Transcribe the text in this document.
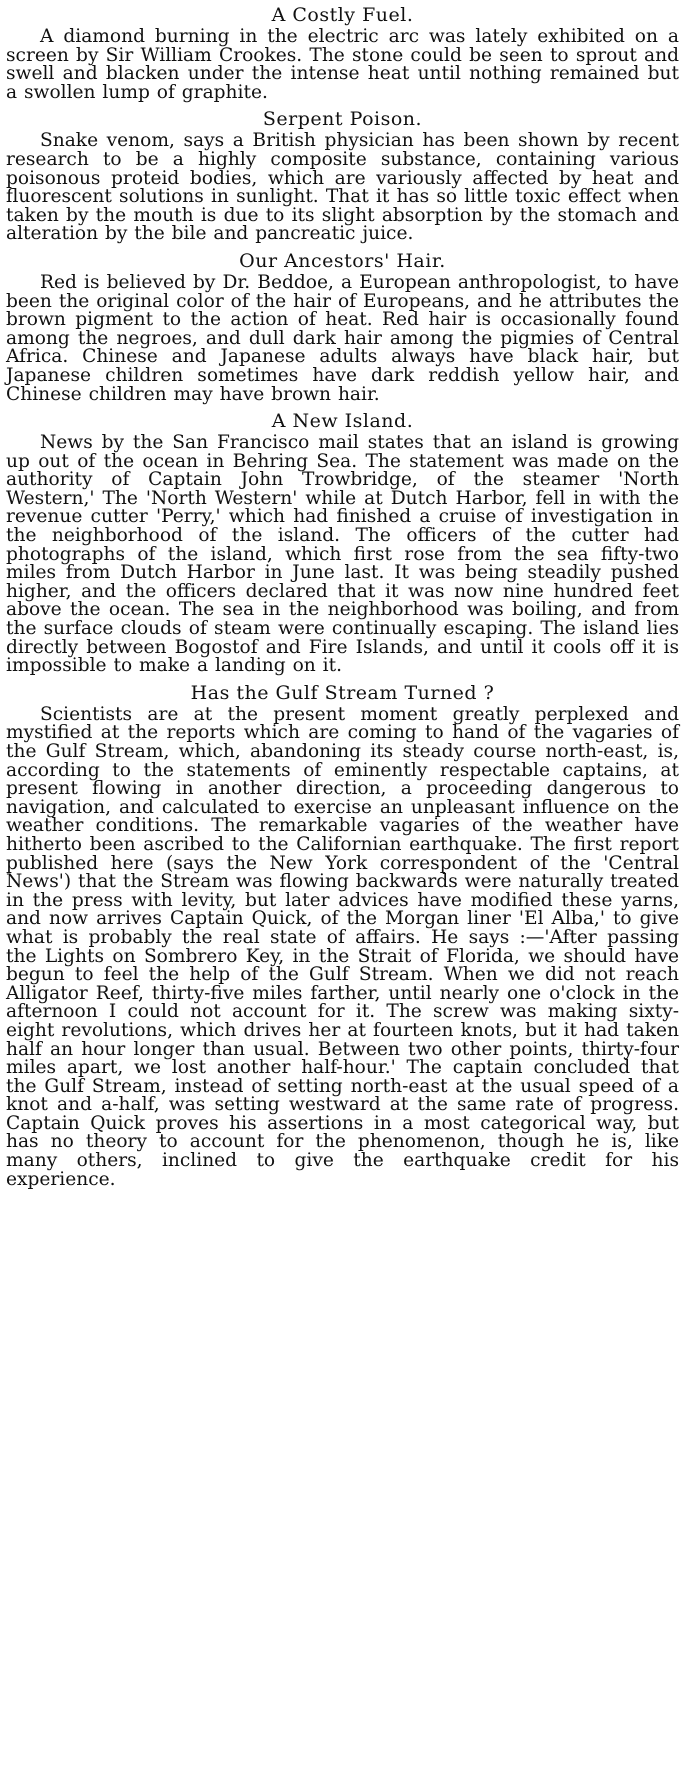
A Costly Fuel.

A diamond burning in the electric arc was lately exhibited on a screen by Sir William Crookes. The stone could be seen to sprout and swell and blacken under the intense heat until nothing remained but a swollen lump of graphite.

Serpent Poison.

Snake venom, says a British physician has been shown by recent research to be a highly composite substance, containing various poisonous proteid bodies, which are variously affected by heat and fluorescent solutions in sunlight. That it has so little toxic effect when taken by the mouth is due to its slight absorption by the stomach and alteration by the bile and pancreatic juice.

Our Ancestors' Hair.

Red is believed by Dr. Beddoe, a European anthropologist, to have been the original color of the hair of Europeans, and he attributes the brown pigment to the action of heat. Red hair is occasionally found among the negroes, and dull dark hair among the pigmies of Central Africa. Chinese and Japanese adults always have black hair, but Japanese children sometimes have dark reddish yellow hair, and Chinese children may have brown hair.

A New Island.

News by the San Francisco mail states that an island is growing up out of the ocean in Behring Sea. The statement was made on the authority of Captain John Trowbridge, of the steamer 'North Western,' The 'North Western' while at Dutch Harbor, fell in with the revenue cutter 'Perry,' which had finished a cruise of investigation in the neighborhood of the island. The officers of the cutter had photographs of the island, which first rose from the sea fifty-two miles from Dutch Harbor in June last. It was being steadily pushed higher, and the officers declared that it was now nine hundred feet above the ocean. The sea in the neighborhood was boiling, and from the surface clouds of steam were continually escaping. The island lies directly between Bogostof and Fire Islands, and until it cools off it is impossible to make a landing on it.

Has the Gulf Stream Turned ?

Scientists are at the present moment greatly perplexed and mystified at the reports which are coming to hand of the vagaries of the Gulf Stream, which, abandoning its steady course north-east, is, according to the statements of eminently respectable captains, at present flowing in another direction, a proceeding dangerous to navigation, and calculated to exercise an unpleasant influence on the weather conditions. The remarkable vagaries of the weather have hitherto been ascribed to the Californian earthquake. The first report published here (says the New York correspondent of the 'Central News') that the Stream was flowing backwards were naturally treated in the press with levity, but later advices have modified these yarns, and now arrives Captain Quick, of the Morgan liner 'El Alba,' to give what is probably the real state of affairs. He says :—'After passing the Lights on Sombrero Key, in the Strait of Florida, we should have begun to feel the help of the Gulf Stream. When we did not reach Alligator Reef, thirty-five miles farther, until nearly one o'clock in the afternoon I could not account for it. The screw was making sixty-eight revolutions, which drives her at fourteen knots, but it had taken half an hour longer than usual. Between two other points, thirty-four miles apart, we lost another half-hour.' The captain concluded that the Gulf Stream, instead of setting north-east at the usual speed of a knot and a-half, was setting westward at the same rate of progress. Captain Quick proves his assertions in a most categorical way, but has no theory to account for the phenomenon, though he is, like many others, inclined to give the earthquake credit for his experience.
